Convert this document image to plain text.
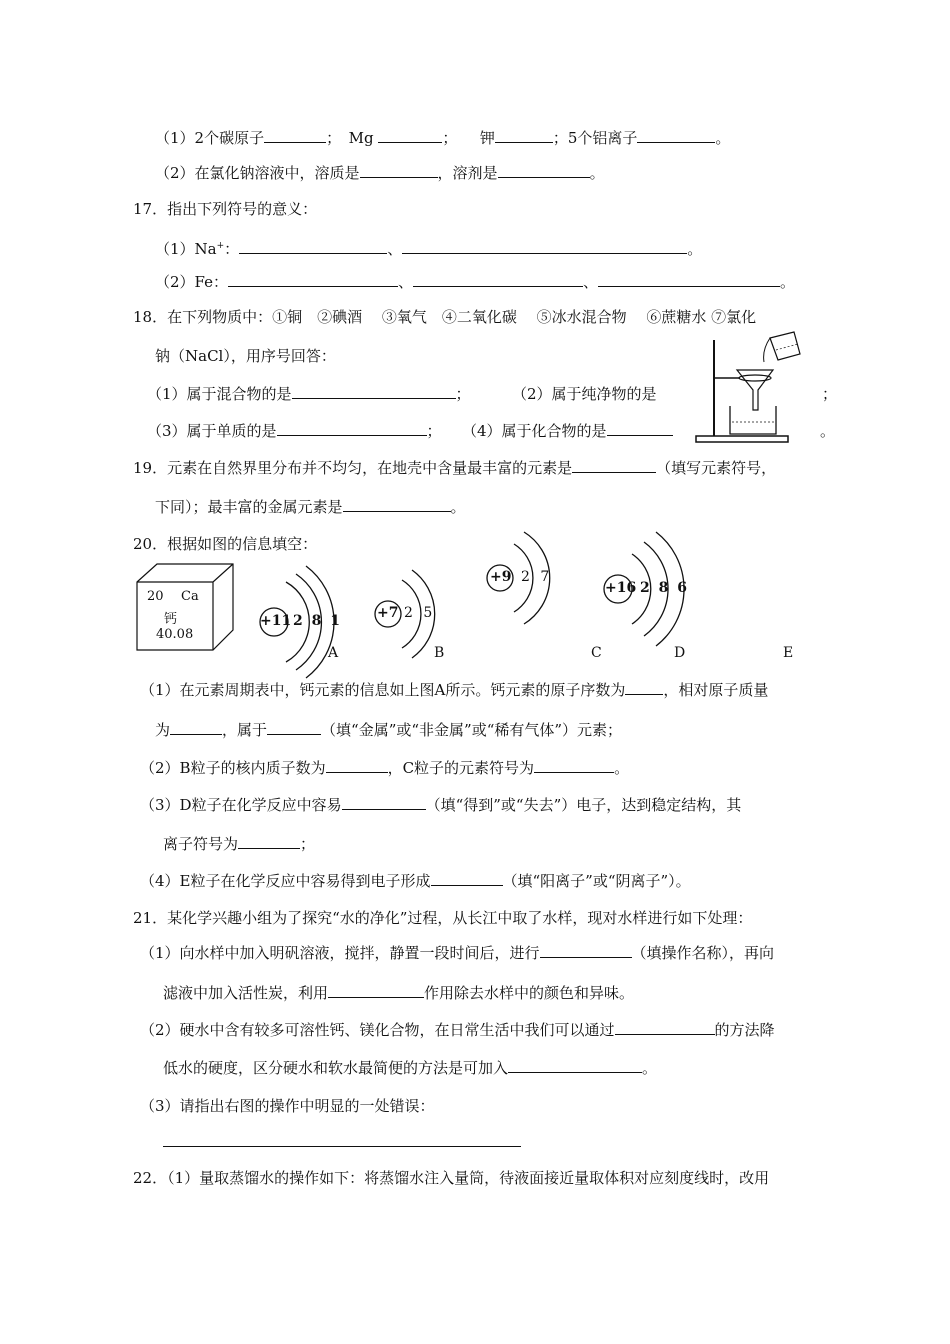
（1）2个碳原子	；　Mg	；　　钾	；5个铝离子	。
（2）在氯化钠溶液中，溶质是	，溶剂是	。
17．指出下列符号的意义：
（1）Na+：	、	。
（2）Fe：	、	、	。
18．在下列物质中：①铜　②碘酒　 ③氧气　④二氧化碳　 ⑤冰水混合物　 ⑥蔗糖水 ⑦氯化
钠（NaCl），用序号回答：
（1）属于混合物的是	；	（2）属于纯净物的是	；
（3）属于单质的是	； （4）属于化合物的是	。
19．元素在自然界里分布并不均匀，在地壳中含量最丰富的元素是	（填写元素符号，
下同）；最丰富的金属元素是	。
20．根据如图的信息填空：
20 Ca
钙
40.08
+11 2 8 1	+7 2 5
+9 2 7
+16 2 8 6
A	B	C	D	E
（1）在元素周期表中，钙元素的信息如上图A所示。钙元素的原子序数为	，相对原子质量
为	，属于	（填“金属”或“非金属”或“稀有气体”）元素；
（2）B粒子的核内质子数为	，C粒子的元素符号为	。
（3）D粒子在化学反应中容易	（填“得到”或“失去”）电子，达到稳定结构，其
离子符号为	；
（4）E粒子在化学反应中容易得到电子形成	（填“阳离子”或“阴离子”）。
21．某化学兴趣小组为了探究“水的净化”过程，从长江中取了水样，现对水样进行如下处理：
（1）向水样中加入明矾溶液，搅拌，静置一段时间后，进行	（填操作名称），再向
滤液中加入活性炭，利用	作用除去水样中的颜色和异味。
（2）硬水中含有较多可溶性钙、镁化合物，在日常生活中我们可以通过	的方法降
低水的硬度，区分硬水和软水最简便的方法是可加入	。
（3）请指出右图的操作中明显的一处错误：
22．（1）量取蒸馏水的操作如下：将蒸馏水注入量筒，待液面接近量取体积对应刻度线时，改用
